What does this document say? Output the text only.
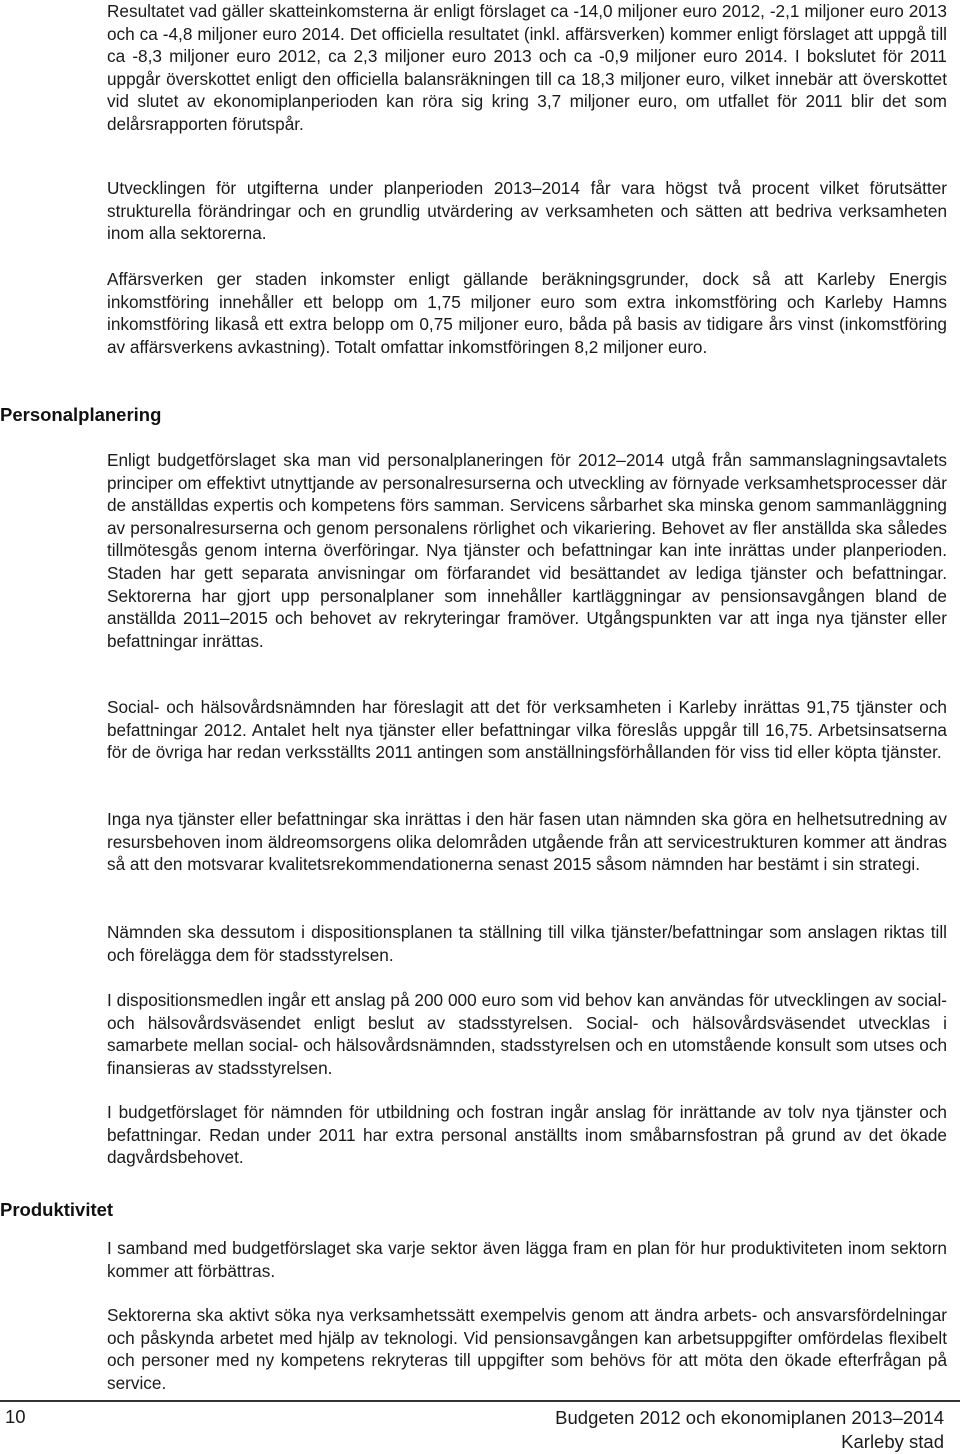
Resultatet vad gäller skatteinkomsterna är enligt förslaget ca -14,0 miljoner euro 2012, -2,1 miljoner euro 2013 och ca -4,8 miljoner euro 2014. Det officiella resultatet (inkl. affärsverken) kommer enligt förslaget att uppgå till ca -8,3 miljoner euro 2012, ca 2,3 miljoner euro 2013 och ca -0,9 miljoner euro 2014. I bokslutet för 2011 uppgår överskottet enligt den officiella balansräkningen till ca 18,3 miljoner euro, vilket innebär att överskottet vid slutet av ekonomiplanperioden kan röra sig kring 3,7 miljoner euro, om utfallet för 2011 blir det som delårsrapporten förutspår.

Utvecklingen för utgifterna under planperioden 2013–2014 får vara högst två procent vilket förutsätter strukturella förändringar och en grundlig utvärdering av verksamheten och sätten att bedriva verksamheten inom alla sektorerna.

Affärsverken ger staden inkomster enligt gällande beräkningsgrunder, dock så att Karleby Energis inkomstföring innehåller ett belopp om 1,75 miljoner euro som extra inkomstföring och Karleby Hamns inkomstföring likaså ett extra belopp om 0,75 miljoner euro, båda på basis av tidigare års vinst (inkomstföring av affärsverkens avkastning). Totalt omfattar inkomstföringen 8,2 miljoner euro.

Personalplanering

Enligt budgetförslaget ska man vid personalplaneringen för 2012–2014 utgå från sammanslagningsavtalets principer om effektivt utnyttjande av personalresurserna och utveckling av förnyade verksamhetsprocesser där de anställdas expertis och kompetens förs samman. Servicens sårbarhet ska minska genom sammanläggning av personalresurserna och genom personalens rörlighet och vikariering. Behovet av fler anställda ska således tillmötesgås genom interna överföringar. Nya tjänster och befattningar kan inte inrättas under planperioden. Staden har gett separata anvisningar om förfarandet vid besättandet av lediga tjänster och befattningar. Sektorerna har gjort upp personalplaner som innehåller kartläggningar av pensionsavgången bland de anställda 2011–2015 och behovet av rekryteringar framöver. Utgångspunkten var att inga nya tjänster eller befattningar inrättas.

Social- och hälsovårdsnämnden har föreslagit att det för verksamheten i Karleby inrättas 91,75 tjänster och befattningar 2012. Antalet helt nya tjänster eller befattningar vilka föreslås uppgår till 16,75. Arbetsinsatserna för de övriga har redan verksställts 2011 antingen som anställningsförhållanden för viss tid eller köpta tjänster.

Inga nya tjänster eller befattningar ska inrättas i den här fasen utan nämnden ska göra en helhetsutredning av resursbehoven inom äldreomsorgens olika delområden utgående från att servicestrukturen kommer att ändras så att den motsvarar kvalitetsrekommendationerna senast 2015 såsom nämnden har bestämt i sin strategi.

Nämnden ska dessutom i dispositionsplanen ta ställning till vilka tjänster/befattningar som anslagen riktas till och förelägga dem för stadsstyrelsen.

I dispositionsmedlen ingår ett anslag på 200 000 euro som vid behov kan användas för utvecklingen av social- och hälsovårdsväsendet enligt beslut av stadsstyrelsen. Social- och hälsovårdsväsendet utvecklas i samarbete mellan social- och hälsovårdsnämnden, stadsstyrelsen och en utomstående konsult som utses och finansieras av stadsstyrelsen.

I budgetförslaget för nämnden för utbildning och fostran ingår anslag för inrättande av tolv nya tjänster och befattningar. Redan under 2011 har extra personal anställts inom småbarnsfostran på grund av det ökade dagvårdsbehovet.

Produktivitet

I samband med budgetförslaget ska varje sektor även lägga fram en plan för hur produktiviteten inom sektorn kommer att förbättras.

Sektorerna ska aktivt söka nya verksamhetssätt exempelvis genom att ändra arbets- och ansvarsfördelningar och påskynda arbetet med hjälp av teknologi. Vid pensionsavgången kan arbetsuppgifter omfördelas flexibelt och personer med ny kompetens rekryteras till uppgifter som behövs för att möta den ökade efterfrågan på service.

10	Budgeten 2012 och ekonomiplanen 2013–2014
Karleby stad
